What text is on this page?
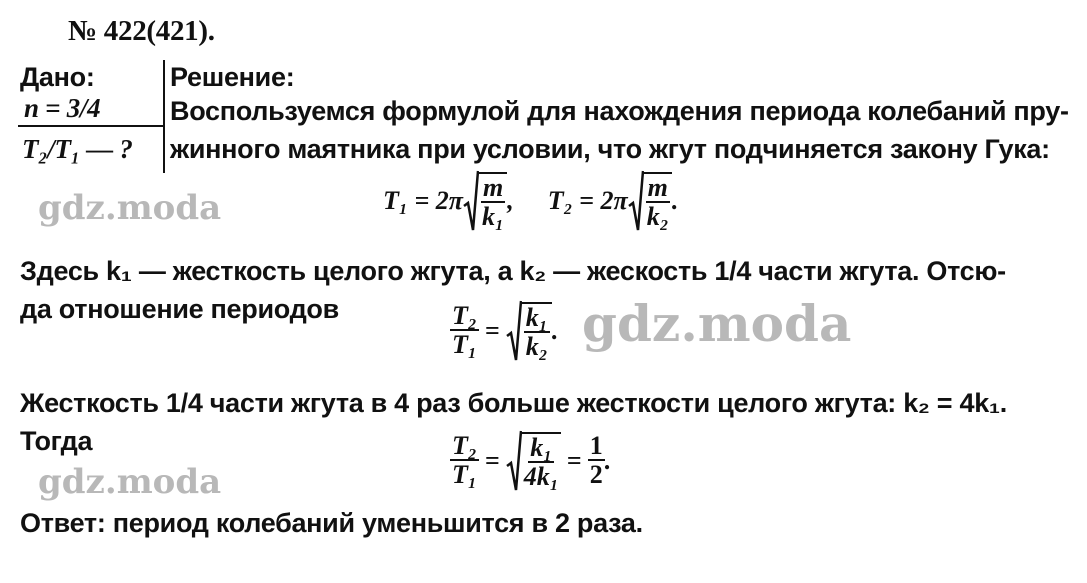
№ 422(421).
Дано:
n = 3/4
T₂/T₁ — ?
Решение:
Воспользуемся формулой для нахождения периода колебаний пру-
жинного маятника при условии, что жгут подчиняется закону Гука:
$T_1 = 2\pi \frac{m}{\text{k₁}}$ , $T_2 = 2\pi \frac{m}{\text{k₂}}$ .
Здесь k₁ — жесткость целого жгута, а k₂ — жескость 1/4 части жгута. Отсю-
да отношение периодов	$\frac{\text{T₂}}{\text{T₁}} = \frac{\text{k₁}}{\text{k₂}}$ .
Жесткость 1/4 части жгута в 4 раз больше жесткости целого жгута: k₂ = 4k₁.
Тогда	$\frac{\text{T₂}}{\text{T₁}} = \frac{\text{k₁}}{\text{4k₁}} = \frac{1}{2}$ .
Ответ: период колебаний уменьшится в 2 раза.
gdz.moda
gdz.moda
gdz.moda
